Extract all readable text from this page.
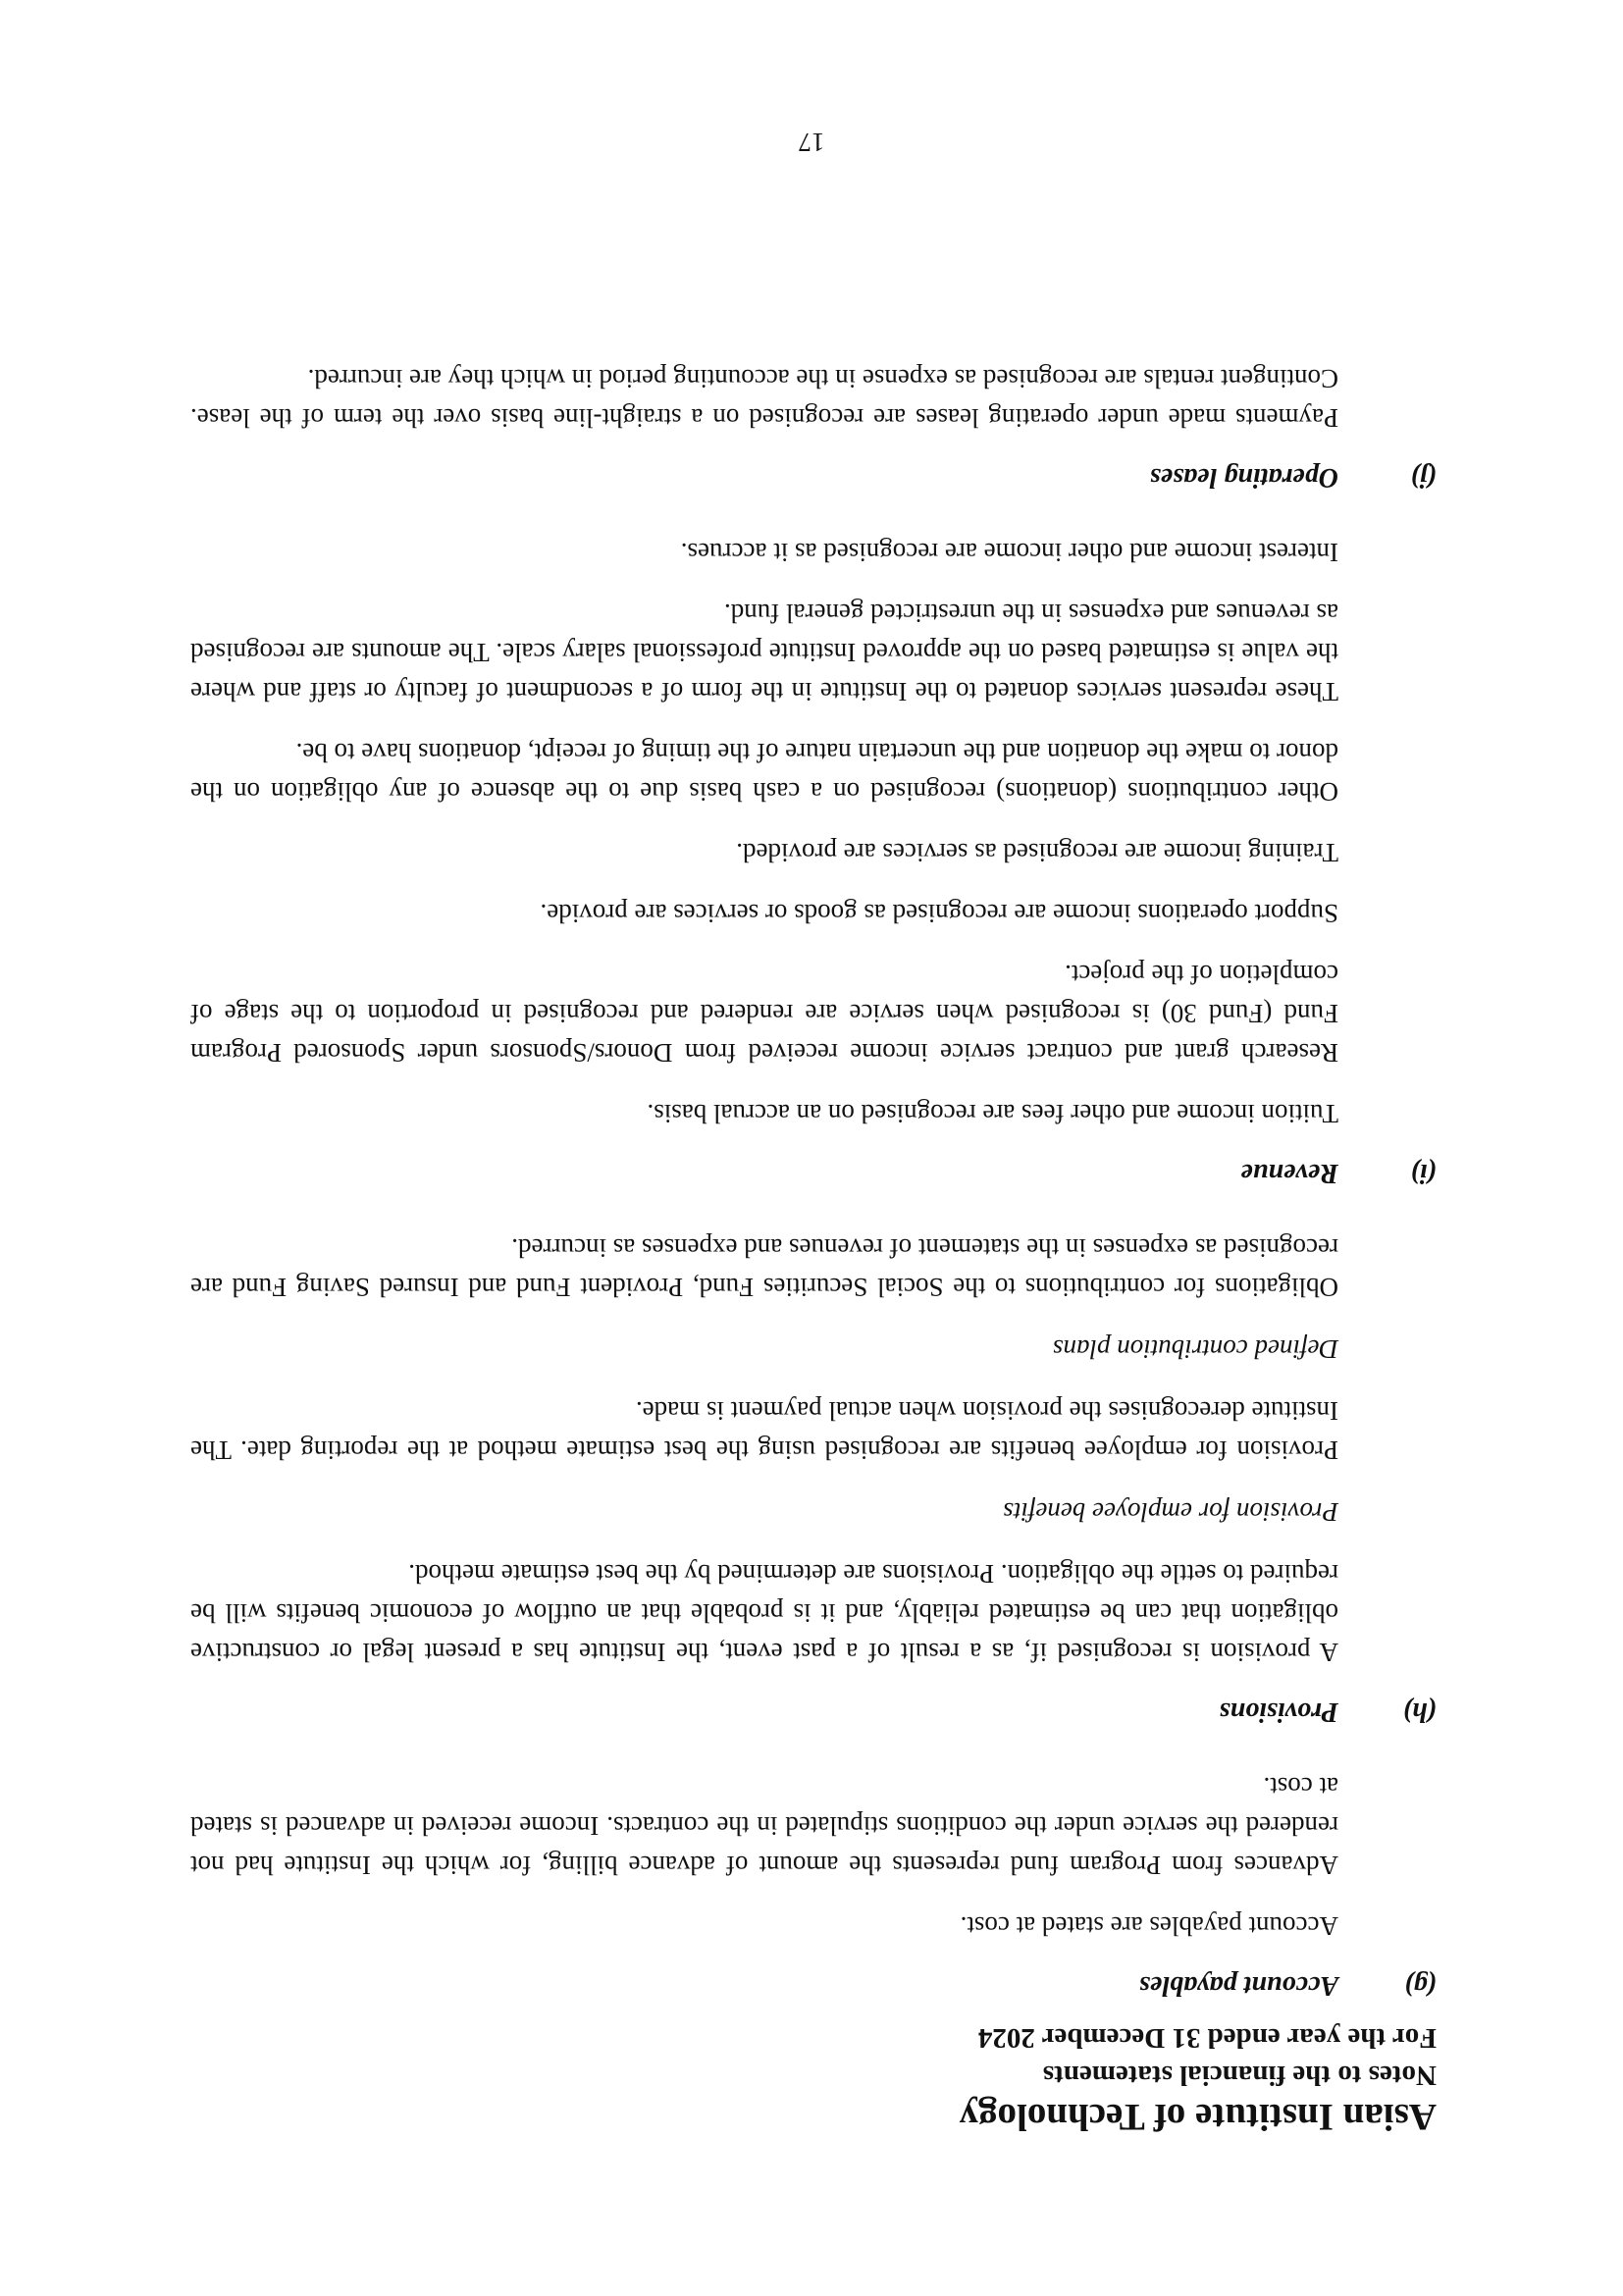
Asian Institute of Technology
Notes to the financial statements
For the year ended 31 December 2024
(g)
Account payables

Account payables are stated at cost.

Advances from Program fund represents the amount of advance billing, for which the Institute had not rendered the service under the conditions stipulated in the contracts. Income received in advanced is stated at cost.

(h)
Provisions

A provision is recognised if, as a result of a past event, the Institute has a present legal or constructive obligation that can be estimated reliably, and it is probable that an outflow of economic benefits will be required to settle the obligation. Provisions are determined by the best estimate method.

Provision for employee benefits

Provision for employee benefits are recognised using the best estimate method at the reporting date. The Institute derecognises the provision when actual payment is made.

Defined contribution plans

Obligations for contributions to the Social Securities Fund, Provident Fund and Insured Saving Fund are recognised as expenses in the statement of revenues and expenses as incurred.

(i)
Revenue

Tuition income and other fees are recognised on an accrual basis.

Research grant and contract service income received from Donors/Sponsors under Sponsored Program Fund (Fund 30) is recognised when service are rendered and recognised in proportion to the stage of completion of the project.

Support operations income are recognised as goods or services are provide.

Training income are recognised as services are provided.

Other contributions (donations) recognised on a cash basis due to the absence of any obligation on the donor to make the donation and the uncertain nature of the timing of receipt, donations have to be.

These represent services donated to the Institute in the form of a secondment of faculty or staff and where the value is estimated based on the approved Institute professional salary scale. The amounts are recognised as revenues and expenses in the unrestricted general fund.

Interest income and other income are recognised as it accrues.

(j)
Operating leases

Payments made under operating leases are recognised on a straight-line basis over the term of the lease. Contingent rentals are recognised as expense in the accounting period in which they are incurred.

17
